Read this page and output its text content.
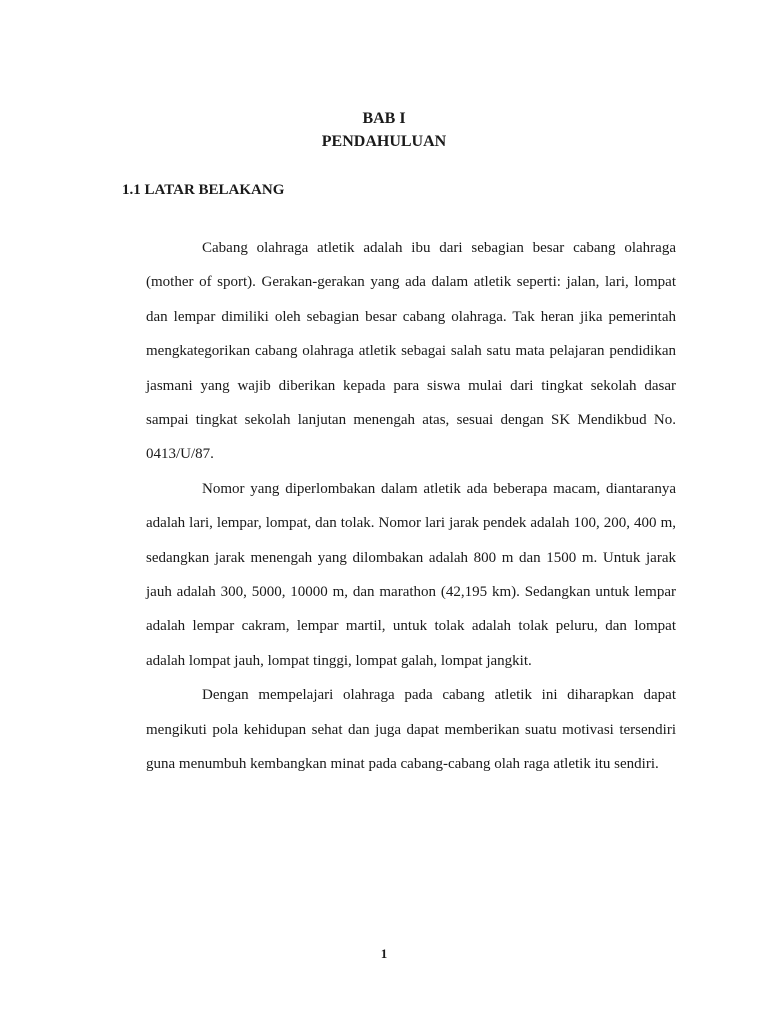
BAB I
PENDAHULUAN
1.1 LATAR BELAKANG

Cabang olahraga atletik adalah ibu dari sebagian besar cabang olahraga (mother of sport). Gerakan-gerakan yang ada dalam atletik seperti: jalan, lari, lompat dan lempar dimiliki oleh sebagian besar cabang olahraga. Tak heran jika pemerintah mengkategorikan cabang olahraga atletik sebagai salah satu mata pelajaran pendidikan jasmani yang wajib diberikan kepada para siswa mulai dari tingkat sekolah dasar sampai tingkat sekolah lanjutan menengah atas, sesuai dengan SK Mendikbud No. 0413/U/87.

Nomor yang diperlombakan dalam atletik ada beberapa macam, diantaranya adalah lari, lempar, lompat, dan tolak. Nomor lari jarak pendek adalah 100, 200, 400 m, sedangkan jarak menengah yang dilombakan adalah 800 m dan 1500 m. Untuk jarak jauh adalah 300, 5000, 10000 m, dan marathon (42,195 km). Sedangkan untuk lempar adalah lempar cakram, lempar martil, untuk tolak adalah tolak peluru, dan lompat adalah lompat jauh, lompat tinggi, lompat galah, lompat jangkit.

Dengan mempelajari olahraga pada cabang atletik ini diharapkan dapat mengikuti pola kehidupan sehat dan juga dapat memberikan suatu motivasi tersendiri guna menumbuh kembangkan minat pada cabang-cabang olah raga atletik itu sendiri.

1
